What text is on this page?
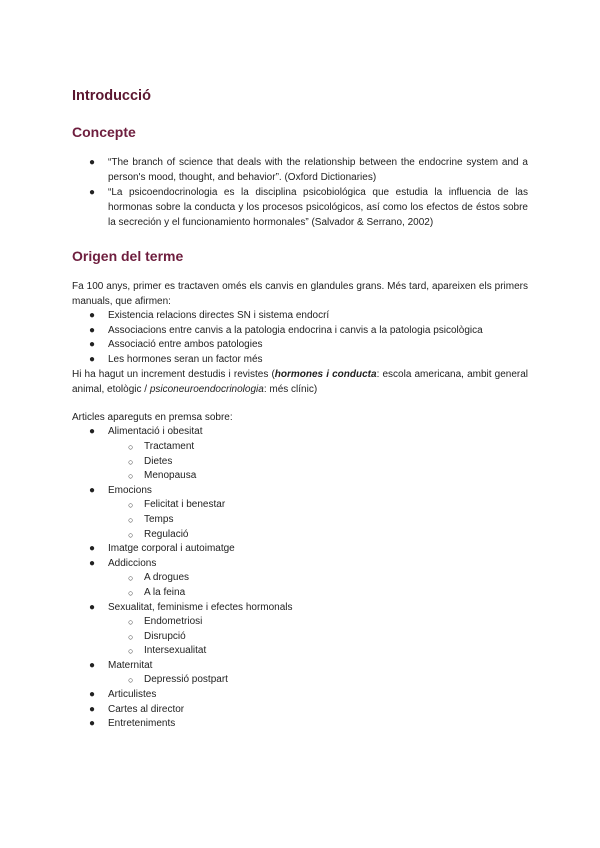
Introducció
Concepte
● “The branch of science that deals with the relationship between the endocrine system and a person's mood, thought, and behavior”. (Oxford Dictionaries)
● “La psicoendocrinologia es la disciplina psicobiológica que estudia la influencia de las hormonas sobre la conducta y los procesos psicológicos, así como los efectos de éstos sobre la secreción y el funcionamiento hormonales” (Salvador & Serrano, 2002)
Origen del terme

Fa 100 anys, primer es tractaven omés els canvis en glandules grans. Més tard, apareixen els primers manuals, que afirmen:

● Existencia relacions directes SN i sistema endocrí
● Associacions entre canvis a la patologia endocrina i canvis a la patologia psicològica
● Associació entre ambos patologies
● Les hormones seran un factor més

Hi ha hagut un increment destudis i revistes (hormones i conducta: escola americana, ambit general animal, etològic / psiconeuroendocrinologia: més clínic)

Articles apareguts en premsa sobre:

● Alimentació i obesitat
○ Tractament
○ Dietes
○ Menopausa
● Emocions
○ Felicitat i benestar
○ Temps
○ Regulació
● Imatge corporal i autoimatge
● Addiccions
○ A drogues
○ A la feina
● Sexualitat, feminisme i efectes hormonals
○ Endometriosi
○ Disrupció
○ Intersexualitat
● Maternitat
○ Depressió postpart
● Articulistes
● Cartes al director
● Entreteniments
